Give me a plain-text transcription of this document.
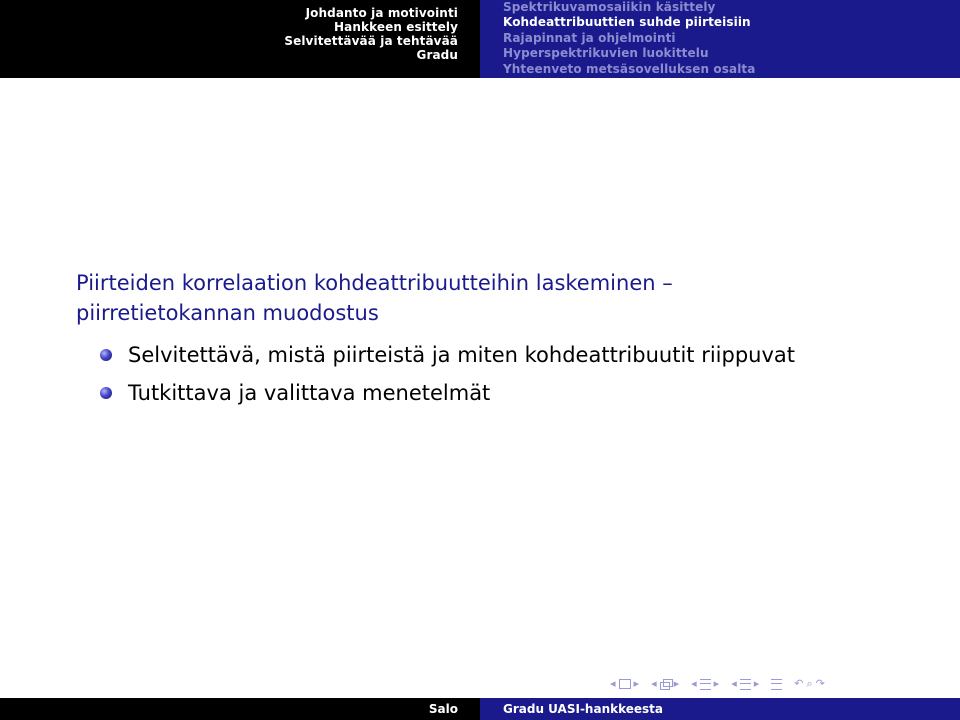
Johdanto ja motivointi
Hankkeen esittely
Selvitettävää ja tehtävää
Gradu
Spektrikuvamosaiikin käsittely
Kohdeattribuuttien suhde piirteisiin
Rajapinnat ja ohjelmointi
Hyperspektrikuvien luokittelu
Yhteenveto metsäsovelluksen osalta

Piirteiden korrelaation kohdeattribuutteihin laskeminen – piirretietokannan muodostus

Selvitettävä, mistä piirteistä ja miten kohdeattribuutit riippuvat
Tutkittava ja valittava menetelmät
◂ ▸ ◂ ▸ ◂ ▸ ◂ ▸	↶ ⌕ ↷
Salo	Gradu UASI-hankkeesta
